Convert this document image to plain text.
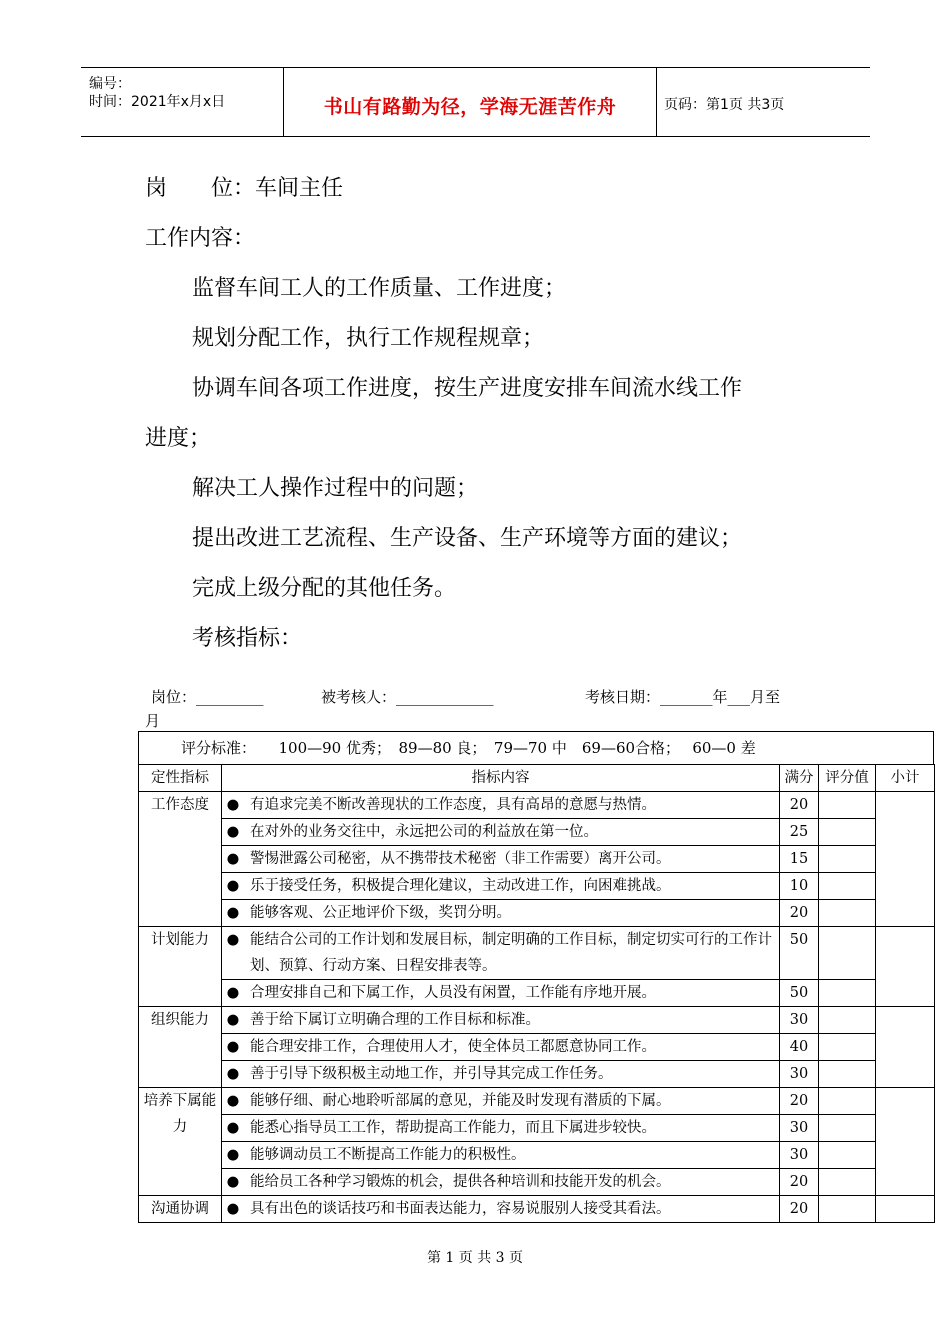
编号：
时间：2021年x月x日	书山有路勤为径，学海无涯苦作舟	页码：第1页 共3页
岗　　位：车间主任
工作内容：
监督车间工人的工作质量、工作进度；
规划分配工作，执行工作规程规章；
协调车间各项工作进度，按生产进度安排车间流水线工作
进度；
解决工人操作过程中的问题；
提出改进工艺流程、生产设备、生产环境等方面的建议；
完成上级分配的其他任务。
考核指标：
岗位：_________	被考核人：_____________	考核日期：_______年___月至
月
评分标准：　　100—90 优秀；　89—80 良；　79—70 中　69—60合格；　 60—0 差
定性指标	指标内容		满分	评分值	小计
工作态度	●	有追求完美不断改善现状的工作态度，具有高昂的意愿与热情。	20		
	●	在对外的业务交往中，永远把公司的利益放在第一位。	25		
	●	警惕泄露公司秘密，从不携带技术秘密（非工作需要）离开公司。	15		
	●	乐于接受任务，积极提合理化建议，主动改进工作，向困难挑战。	10		
	●	能够客观、公正地评价下级，奖罚分明。	20		
计划能力	●	能结合公司的工作计划和发展目标，制定明确的工作目标，制定切实可行的工作计划、预算、行动方案、日程安排表等。	50		
	●	合理安排自己和下属工作，人员没有闲置，工作能有序地开展。	50		
组织能力	●	善于给下属订立明确合理的工作目标和标准。	30		
	●	能合理安排工作，合理使用人才，使全体员工都愿意协同工作。	40		
	●	善于引导下级积极主动地工作，并引导其完成工作任务。	30		
培养下属能力	●	能够仔细、耐心地聆听部属的意见，并能及时发现有潜质的下属。	20		
	●	能悉心指导员工工作，帮助提高工作能力，而且下属进步较快。	30		
	●	能够调动员工不断提高工作能力的积极性。	30		
	●	能给员工各种学习锻炼的机会，提供各种培训和技能开发的机会。	20		
沟通协调	●	具有出色的谈话技巧和书面表达能力，容易说服别人接受其看法。	20		
第 1 页 共 3 页
